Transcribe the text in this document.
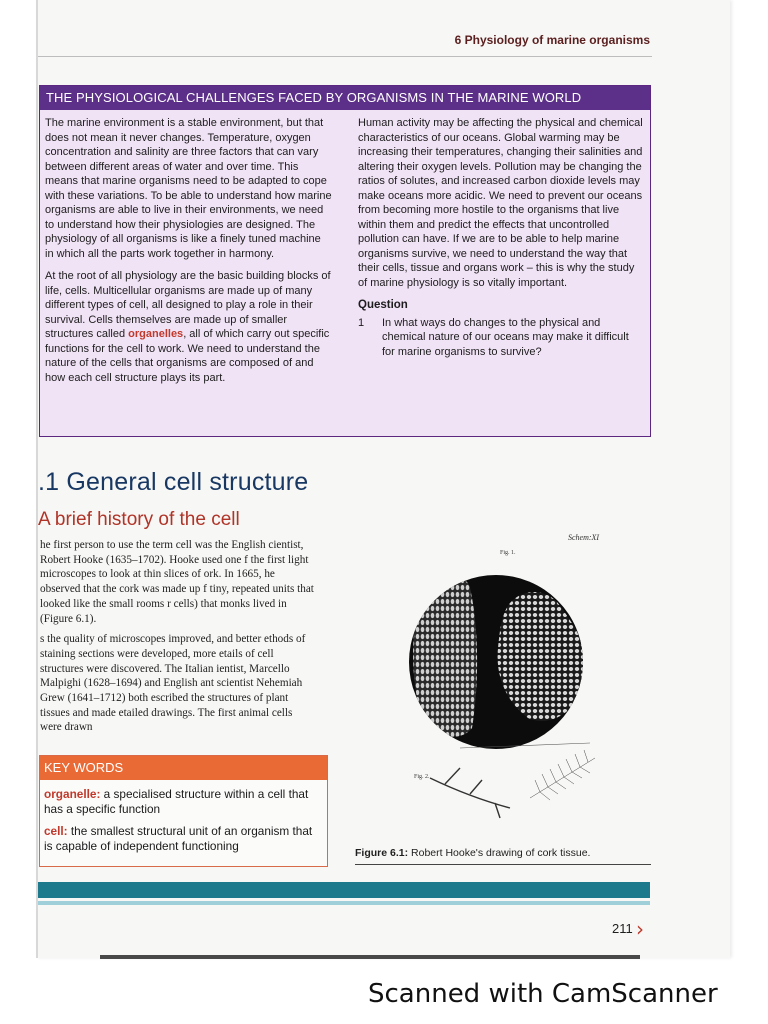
6 Physiology of marine organisms
THE PHYSIOLOGICAL CHALLENGES FACED BY ORGANISMS IN THE MARINE WORLD

The marine environment is a stable environment, but that does not mean it never changes. Temperature, oxygen concentration and salinity are three factors that can vary between different areas of water and over time. This means that marine organisms need to be adapted to cope with these variations. To be able to understand how marine organisms are able to live in their environments, we need to understand how their physiologies are designed. The physiology of all organisms is like a finely tuned machine in which all the parts work together in harmony.

At the root of all physiology are the basic building blocks of life, cells. Multicellular organisms are made up of many different types of cell, all designed to play a role in their survival. Cells themselves are made up of smaller structures called organelles, all of which carry out specific functions for the cell to work. We need to understand the nature of the cells that organisms are composed of and how each cell structure plays its part.

Human activity may be affecting the physical and chemical characteristics of our oceans. Global warming may be increasing their temperatures, changing their salinities and altering their oxygen levels. Pollution may be changing the ratios of solutes, and increased carbon dioxide levels may make oceans more acidic. We need to prevent our oceans from becoming more hostile to the organisms that live within them and predict the effects that uncontrolled pollution can have. If we are to be able to help marine organisms survive, we need to understand the way that their cells, tissue and organs work – this is why the study of marine physiology is so vitally important.

Question
1	In what ways do changes to the physical and chemical nature of our oceans may make it difficult for marine organisms to survive?
.1 General cell structure
A brief history of the cell

he first person to use the term cell was the English cientist, Robert Hooke (1635–1702). Hooke used one f the first light microscopes to look at thin slices of ork. In 1665, he observed that the cork was made up f tiny, repeated units that looked like the small rooms r cells) that monks lived in (Figure 6.1).

s the quality of microscopes improved, and better ethods of staining sections were developed, more etails of cell structures were discovered. The Italian ientist, Marcello Malpighi (1628–1694) and English ant scientist Nehemiah Grew (1641–1712) both escribed the structures of plant tissues and made etailed drawings. The first animal cells were drawn

KEY WORDS
organelle: a specialised structure within a cell that has a specific function
cell: the smallest structural unit of an organism that is capable of independent functioning
Schem:XI
Fig. 1.
Fig. 2.
Figure 6.1: Robert Hooke's drawing of cork tissue.
211 ›
Scanned with CamScanner
